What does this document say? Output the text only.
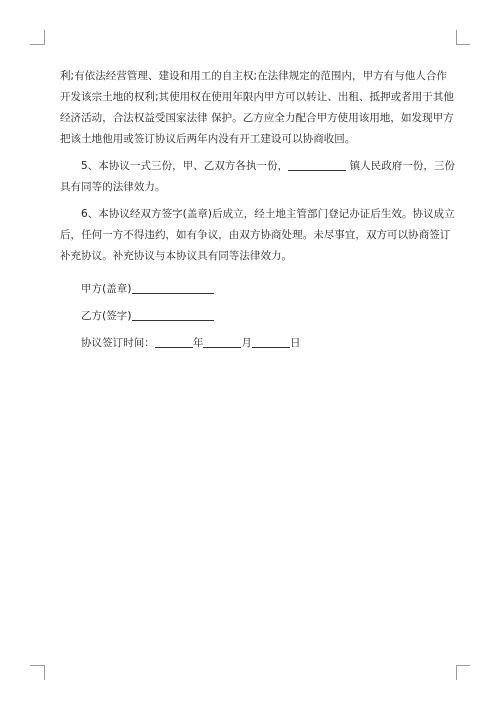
利;有依法经营管理、建设和用工的自主权;在法律规定的范围内，甲方有与他人合作
开发该宗土地的权利;其使用权在使用年限内甲方可以转让、出租、抵押或者用于其他
经济活动，合法权益受国家法律 保护。乙方应全力配合甲方使用该用地，如发现甲方
把该土地他用或签订协议后两年内没有开工建设可以协商收回。
5、本协议一式三份，甲、乙双方各执一份，	镇人民政府一份，三份
具有同等的法律效力。
6、本协议经双方签字(盖章)后成立，经土地主管部门登记办证后生效。协议成立
后，任何一方不得违约，如有争议，由双方协商处理。未尽事宜，双方可以协商签订
补充协议。补充协议与本协议具有同等法律效力。
甲方(盖章)
乙方(签字)
协议签订时间：	年	月	日
